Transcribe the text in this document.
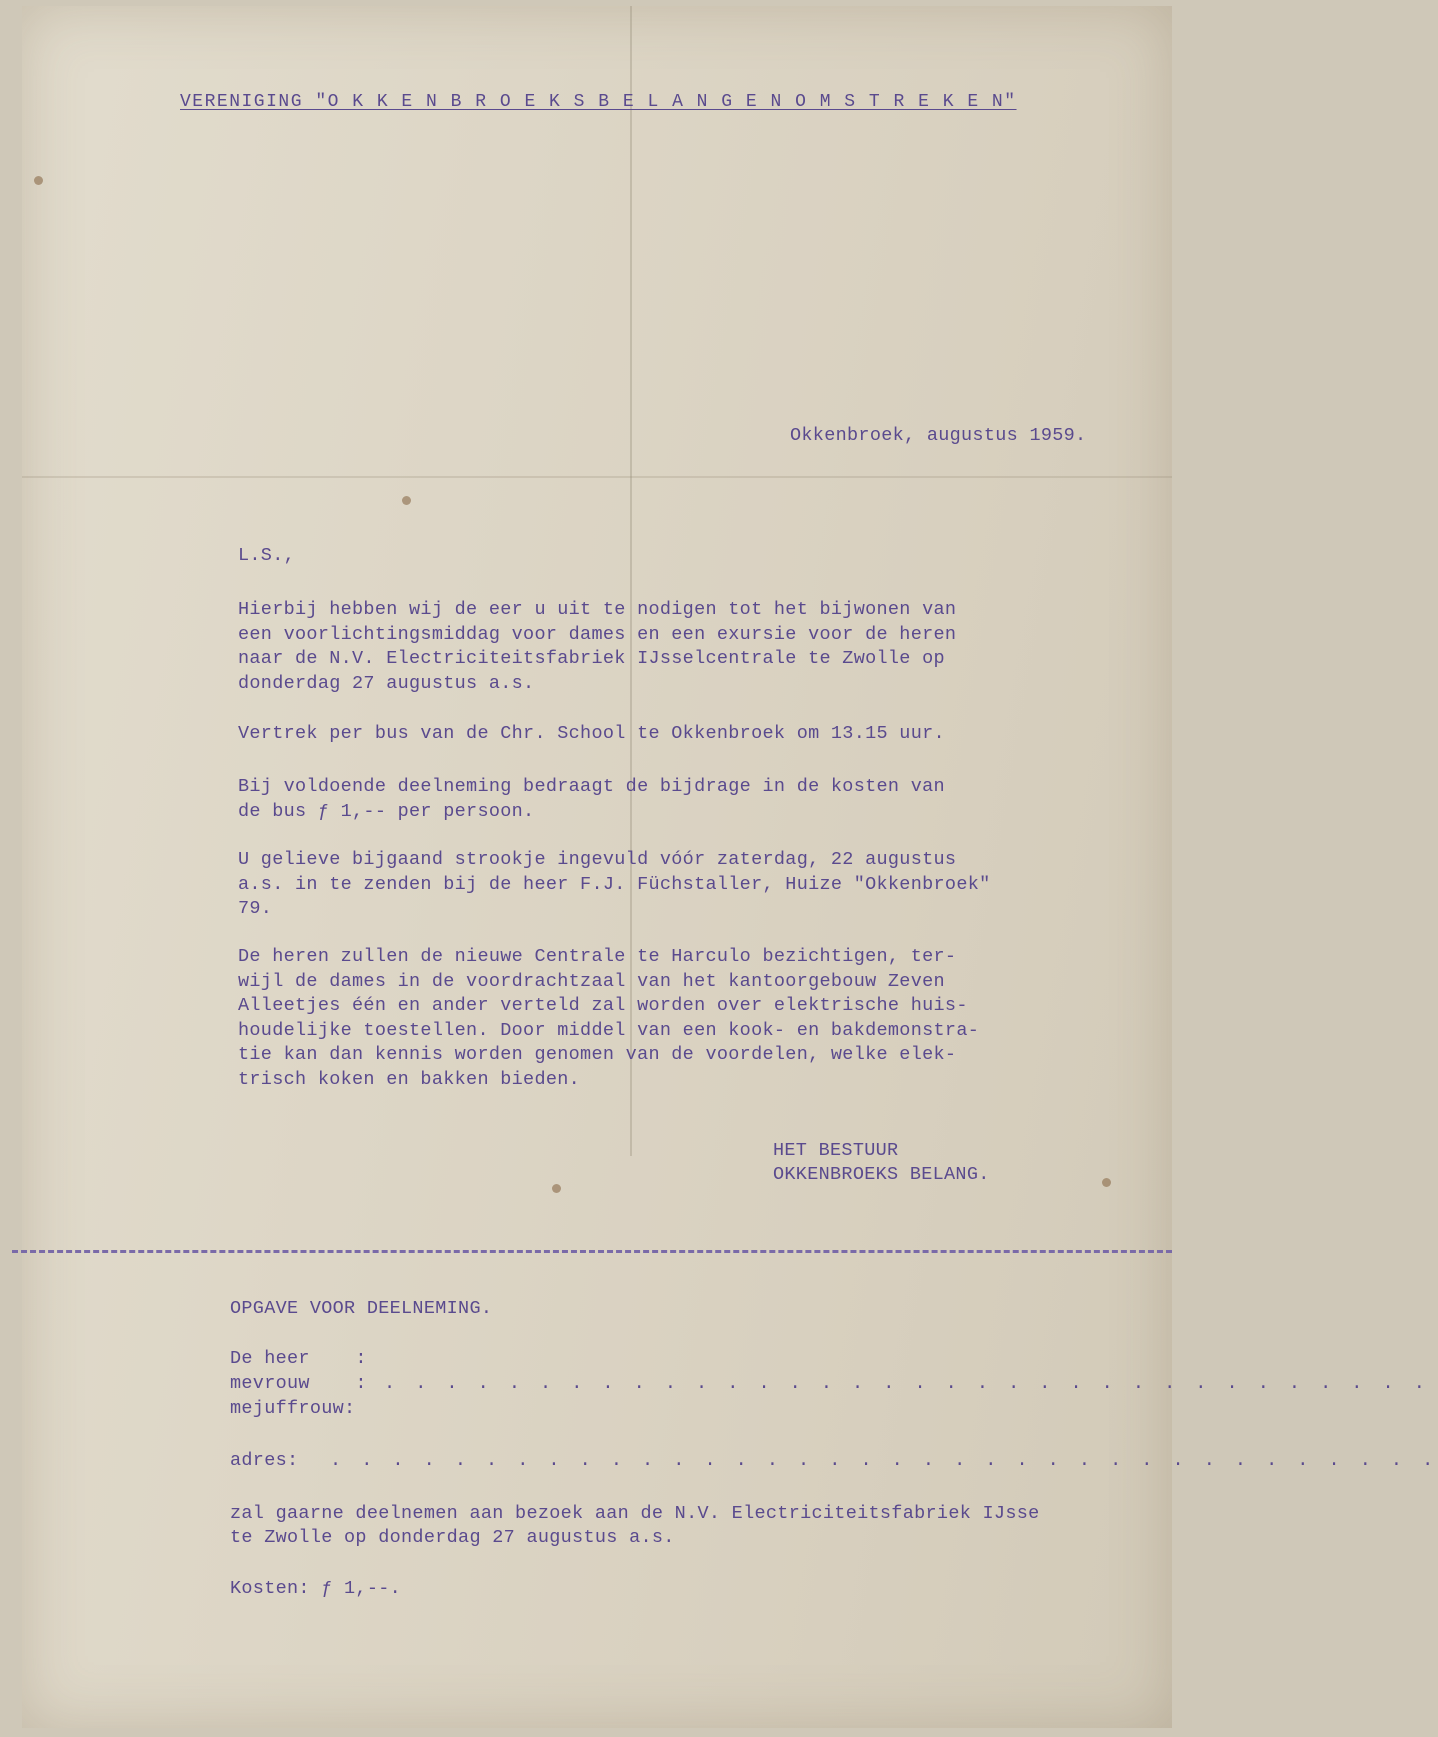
VERENIGING "O K K E N B R O E K S B E L A N G E N O M S T R E K E N"

Okkenbroek, augustus 1959.

L.S.,

Hierbij hebben wij de eer u uit te nodigen tot het bijwonen van
een voorlichtingsmiddag voor dames en een exursie voor de heren
naar de N.V. Electriciteitsfabriek IJsselcentrale te Zwolle op
donderdag 27 augustus a.s.

Vertrek per bus van de Chr. School te Okkenbroek om 13.15 uur.

Bij voldoende deelneming bedraagt de bijdrage in de kosten van
de bus ƒ 1,-- per persoon.

U gelieve bijgaand strookje ingevuld vóór zaterdag, 22 augustus
a.s. in te zenden bij de heer F.J. Füchstaller, Huize "Okkenbroek"
79.

De heren zullen de nieuwe Centrale te Harculo bezichtigen, ter-
wijl de dames in de voordrachtzaal van het kantoorgebouw Zeven
Alleetjes één en ander verteld zal worden over elektrische huis-
houdelijke toestellen. Door middel van een kook- en bakdemonstra-
tie kan dan kennis worden genomen van de voordelen, welke elek-
trisch koken en bakken bieden.

HET BESTUUR

OKKENBROEKS BELANG.

OPGAVE VOOR DEELNEMING.

De heer    :

mevrouw    : . . . . . . . . . . . . . . . . . . . . . . . . . . . . . . . . . .

mejuffrouw:

adres: . . . . . . . . . . . . . . . . . . . . . . . . . . . . . . . . . . . .

zal gaarne deelnemen aan bezoek aan de N.V. Electriciteitsfabriek IJsse

te Zwolle op donderdag 27 augustus a.s.

Kosten: ƒ 1,--.
